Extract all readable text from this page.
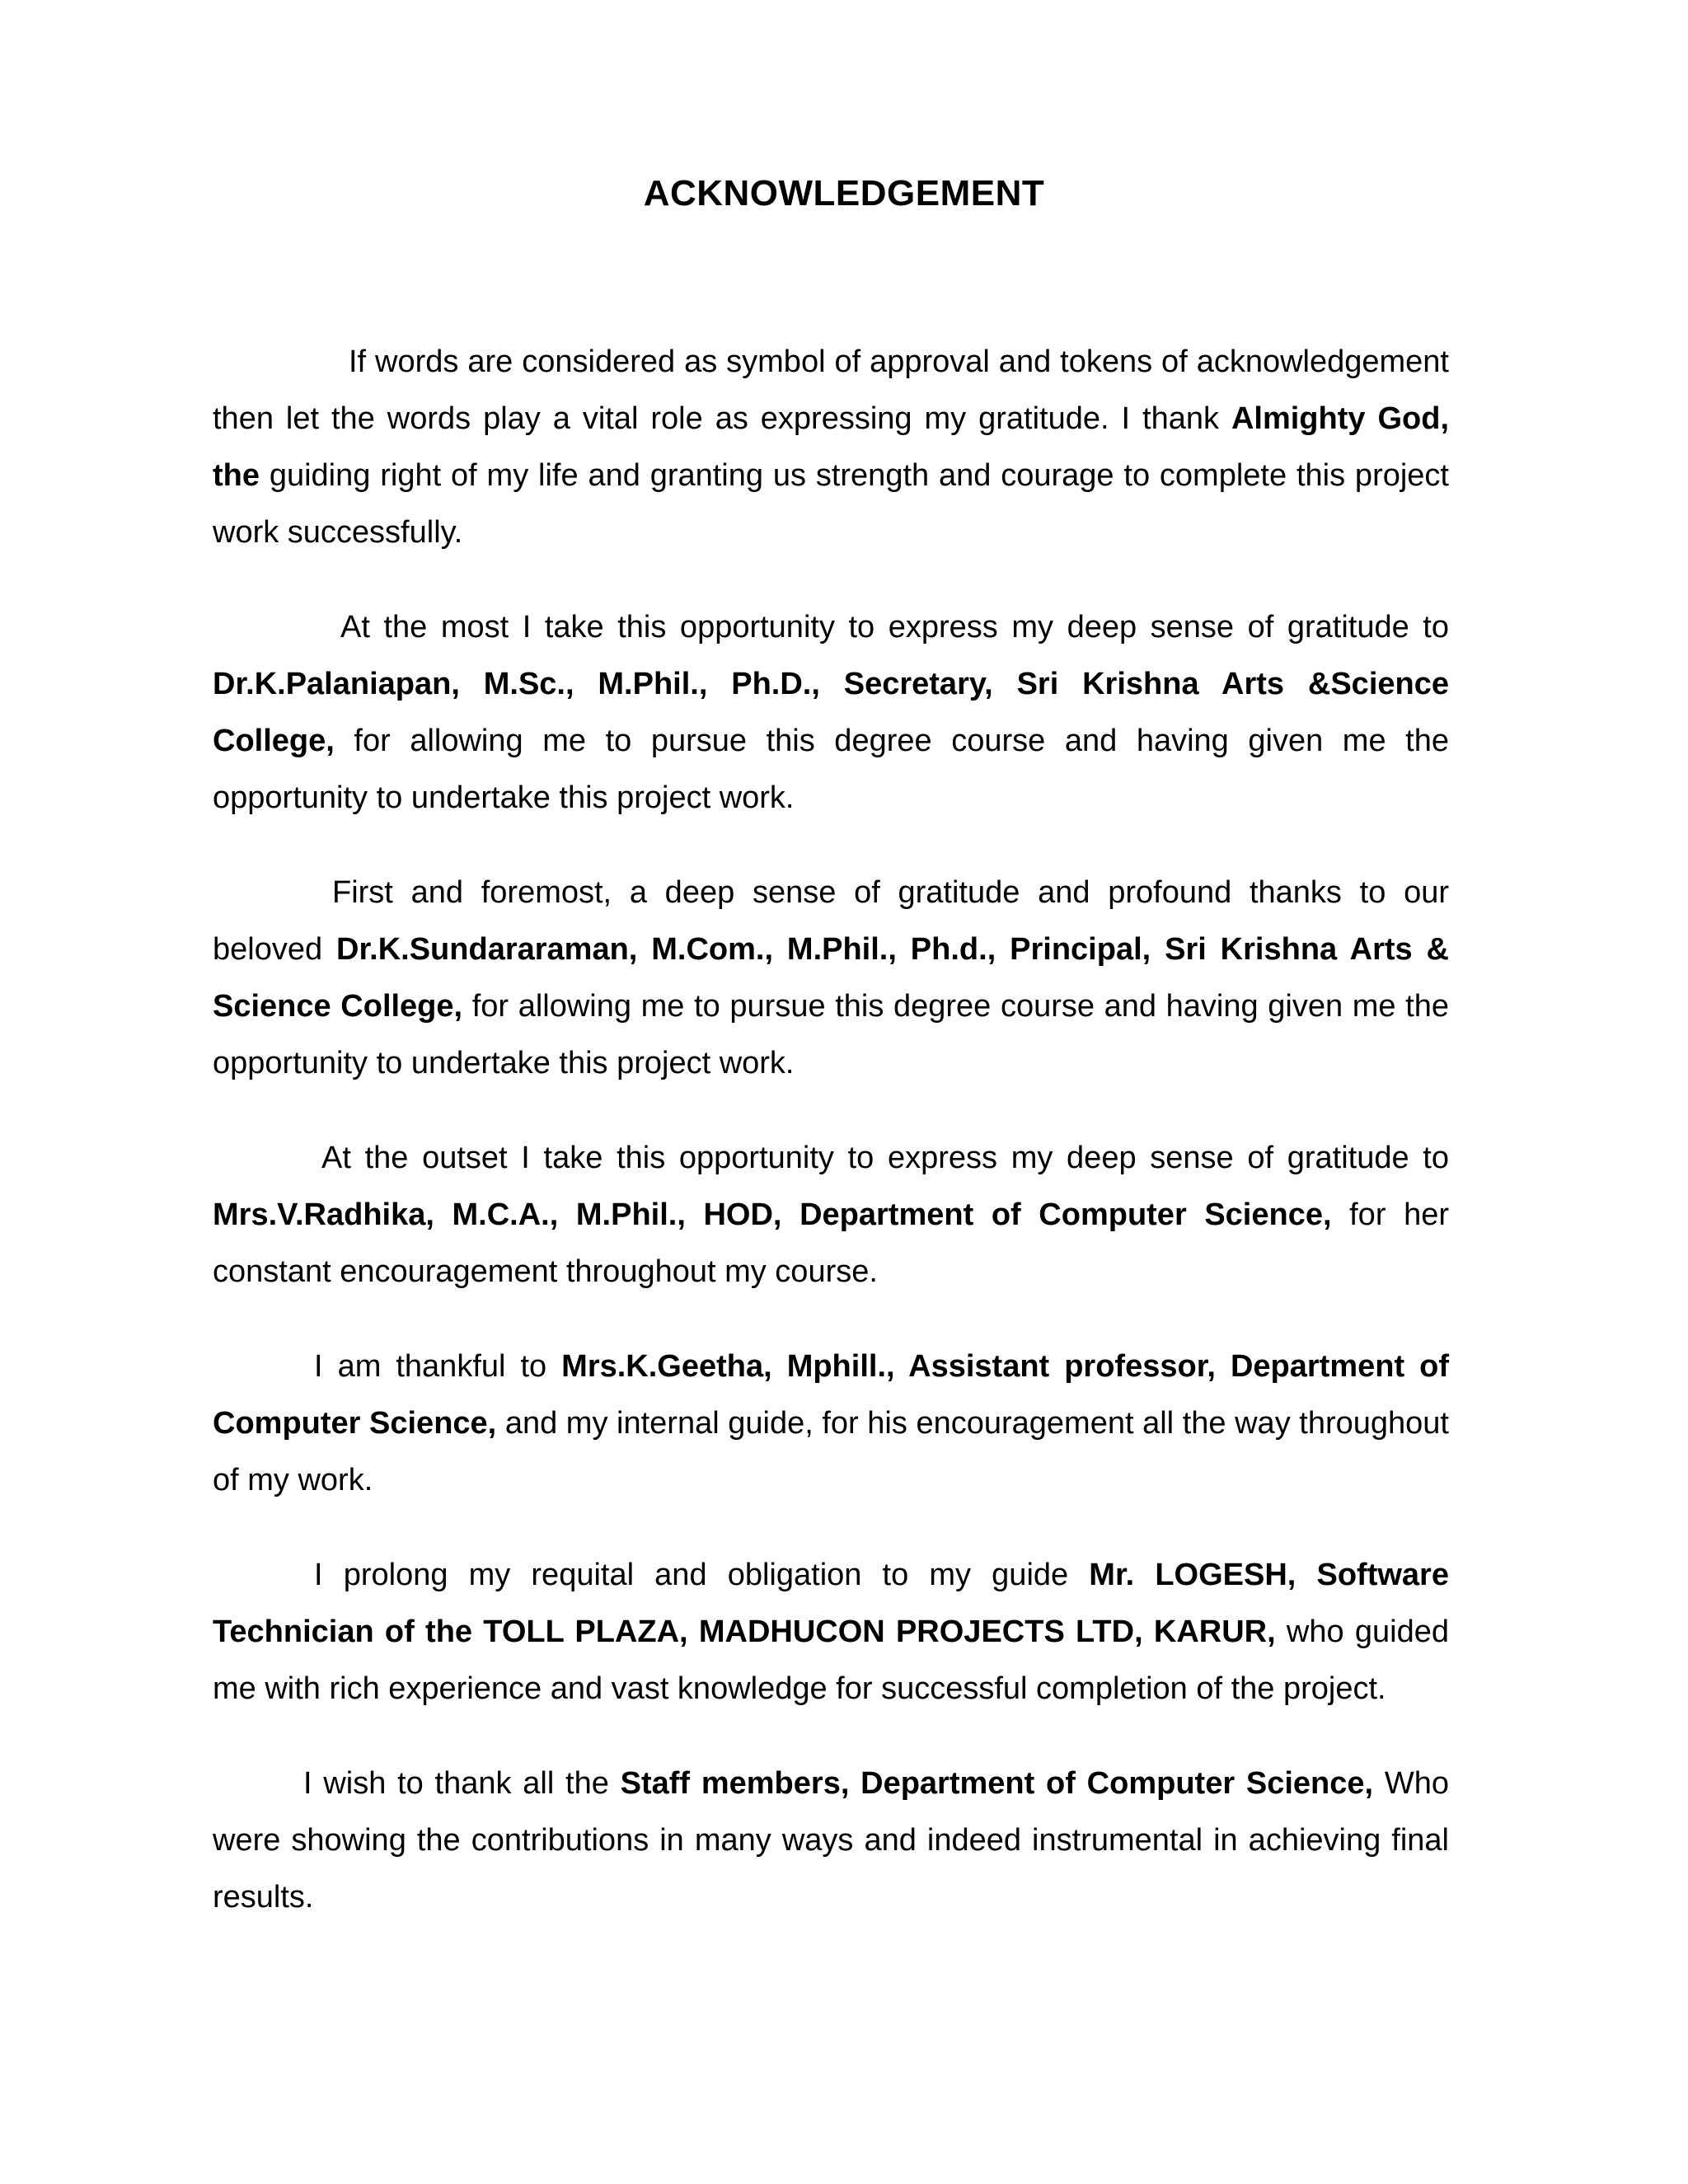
ACKNOWLEDGEMENT

If words are considered as symbol of approval and tokens of acknowledgement then let the words play a vital role as expressing my gratitude. I thank Almighty God, the guiding right of my life and granting us strength and courage to complete this project work successfully.

At the most I take this opportunity to express my deep sense of gratitude to Dr.K.Palaniapan, M.Sc., M.Phil., Ph.D., Secretary, Sri Krishna Arts &Science College, for allowing me to pursue this degree course and having given me the opportunity to undertake this project work.

First and foremost, a deep sense of gratitude and profound thanks to our beloved Dr.K.Sundararaman, M.Com., M.Phil., Ph.d., Principal, Sri Krishna Arts & Science College, for allowing me to pursue this degree course and having given me the opportunity to undertake this project work.

At the outset I take this opportunity to express my deep sense of gratitude to Mrs.V.Radhika, M.C.A., M.Phil., HOD, Department of Computer Science, for her constant encouragement throughout my course.

I am thankful to Mrs.K.Geetha, Mphill., Assistant professor, Department of Computer Science, and my internal guide, for his encouragement all the way throughout of my work.

I prolong my requital and obligation to my guide Mr. LOGESH, Software Technician of the TOLL PLAZA, MADHUCON PROJECTS LTD, KARUR, who guided me with rich experience and vast knowledge for successful completion of the project.

I wish to thank all the Staff members, Department of Computer Science, Who were showing the contributions in many ways and indeed instrumental in achieving final results.
